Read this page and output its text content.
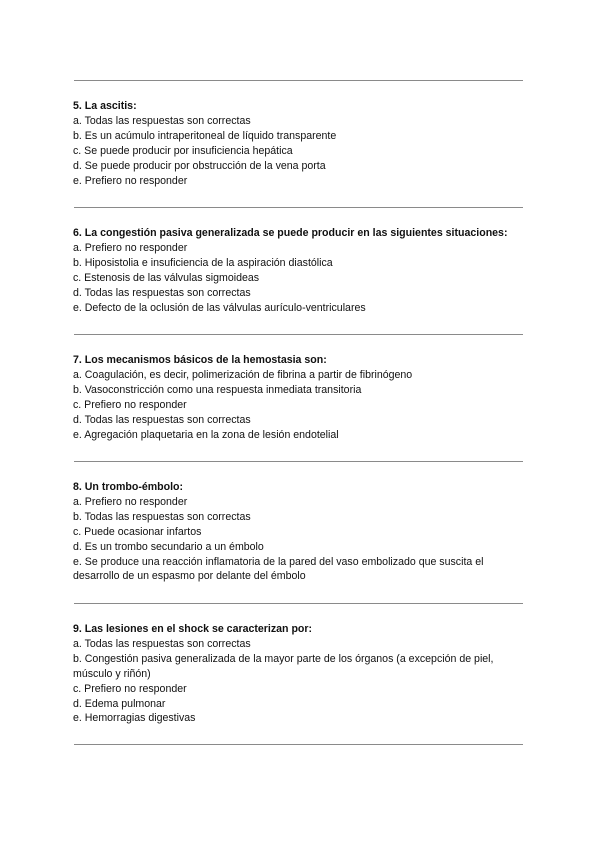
5. La ascitis:
a. Todas las respuestas son correctas
b. Es un acúmulo intraperitoneal de líquido transparente
c. Se puede producir por insuficiencia hepática
d. Se puede producir por obstrucción de la vena porta
e. Prefiero no responder
6. La congestión pasiva generalizada se puede producir en las siguientes situaciones:
a. Prefiero no responder
b. Hiposistolia e insuficiencia de la aspiración diastólica
c. Estenosis de las válvulas sigmoideas
d. Todas las respuestas son correctas
e. Defecto de la oclusión de las válvulas aurículo-ventriculares
7. Los mecanismos básicos de la hemostasia son:
a. Coagulación, es decir, polimerización de fibrina a partir de fibrinógeno
b. Vasoconstricción como una respuesta inmediata transitoria
c. Prefiero no responder
d. Todas las respuestas son correctas
e. Agregación plaquetaria en la zona de lesión endotelial
8. Un trombo-émbolo:
a. Prefiero no responder
b. Todas las respuestas son correctas
c. Puede ocasionar infartos
d. Es un trombo secundario a un émbolo
e. Se produce una reacción inflamatoria de la pared del vaso embolizado que suscita el desarrollo de un espasmo por delante del émbolo
9. Las lesiones en el shock se caracterizan por:
a. Todas las respuestas son correctas
b. Congestión pasiva generalizada de la mayor parte de los órganos (a excepción de piel, músculo y riñón)
c. Prefiero no responder
d. Edema pulmonar
e. Hemorragias digestivas
